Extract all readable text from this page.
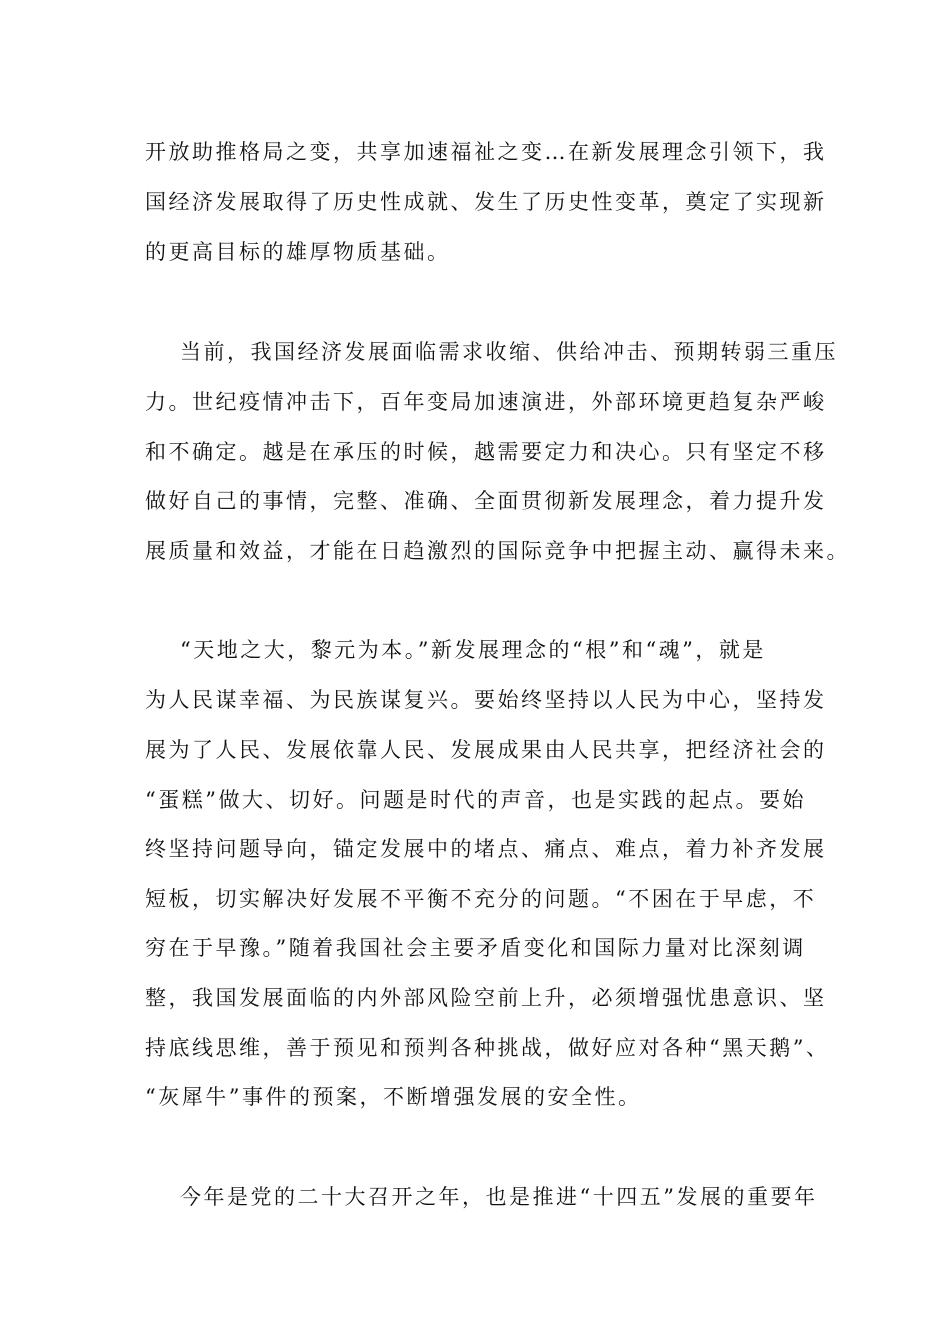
开放助推格局之变，共享加速福祉之变…在新发展理念引领下，我
国经济发展取得了历史性成就、发生了历史性变革，奠定了实现新
的更高目标的雄厚物质基础。
当前，我国经济发展面临需求收缩、供给冲击、预期转弱三重压
力。世纪疫情冲击下，百年变局加速演进，外部环境更趋复杂严峻
和不确定。越是在承压的时候，越需要定力和决心。只有坚定不移
做好自己的事情，完整、准确、全面贯彻新发展理念，着力提升发
展质量和效益，才能在日趋激烈的国际竞争中把握主动、赢得未来。
“天地之大，黎元为本。”新发展理念的“根”和“魂”，就是
为人民谋幸福、为民族谋复兴。要始终坚持以人民为中心，坚持发
展为了人民、发展依靠人民、发展成果由人民共享，把经济社会的
“蛋糕”做大、切好。问题是时代的声音，也是实践的起点。要始
终坚持问题导向，锚定发展中的堵点、痛点、难点，着力补齐发展
短板，切实解决好发展不平衡不充分的问题。“不困在于早虑，不
穷在于早豫。”随着我国社会主要矛盾变化和国际力量对比深刻调
整，我国发展面临的内外部风险空前上升，必须增强忧患意识、坚
持底线思维，善于预见和预判各种挑战，做好应对各种“黑天鹅”、
“灰犀牛”事件的预案，不断增强发展的安全性。
今年是党的二十大召开之年，也是推进“十四五”发展的重要年
